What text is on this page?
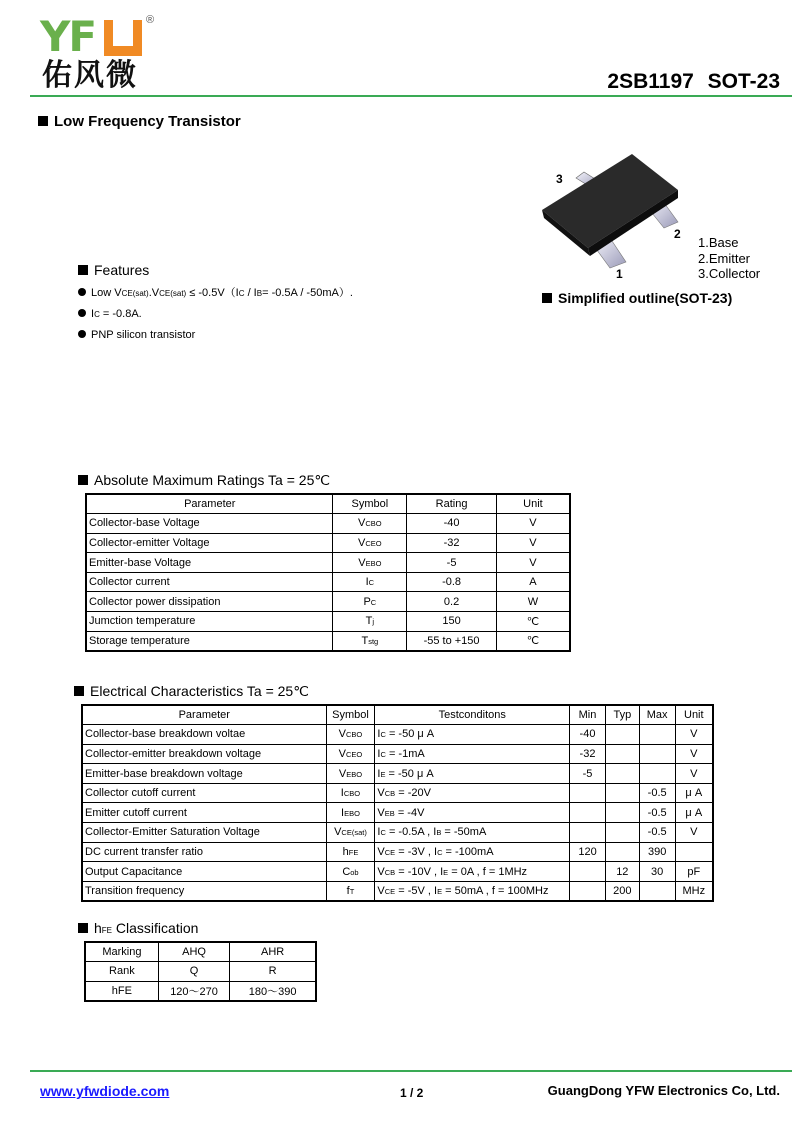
YF	®
佑风微	2SB1197 SOT-23
Low Frequency Transistor
3
2
1
1.Base
2.Emitter
3.Collector
Simplified outline(SOT-23)
Features
Low VCE(sat).VCE(sat) ≤ -0.5V（IC / IB= -0.5A / -50mA）.
IC = -0.8A.
PNP silicon transistor
Absolute Maximum Ratings Ta = 25℃
Parameter	Symbol	Rating	Unit
Collector-base Voltage	VCBO	-40	V
Collector-emitter Voltage	VCEO	-32	V
Emitter-base Voltage	VEBO	-5	V
Collector current	IC	-0.8	A
Collector power dissipation	PC	0.2	W
Jumction temperature	Tj	150	℃
Storage temperature	Tstg	-55 to +150	℃
Electrical Characteristics Ta = 25℃
Parameter	Symbol	Testconditons	Min	Typ	Max	Unit
Collector-base breakdown voltae	VCBO	IC = -50 μ A	-40			V
Collector-emitter breakdown voltage	VCEO	IC = -1mA	-32			V
Emitter-base breakdown voltage	VEBO	IE = -50 μ A	-5			V
Collector cutoff current	ICBO	VCB = -20V			-0.5	μ A
Emitter cutoff current	IEBO	VEB = -4V			-0.5	μ A
Collector-Emitter Saturation Voltage	VCE(sat)	IC = -0.5A , IB = -50mA			-0.5	V
DC current transfer ratio	hFE	VCE = -3V , IC = -100mA	120		390	
Output Capacitance	Cob	VCB = -10V , IE = 0A , f = 1MHz		12	30	pF
Transition frequency	fT	VCE = -5V , IE = 50mA , f = 100MHz		200		MHz
hFE Classification
Marking	AHQ	AHR
Rank	Q	R
hFE	120～270	180～390
www.yfwdiode.com	1 / 2	GuangDong YFW Electronics Co, Ltd.
